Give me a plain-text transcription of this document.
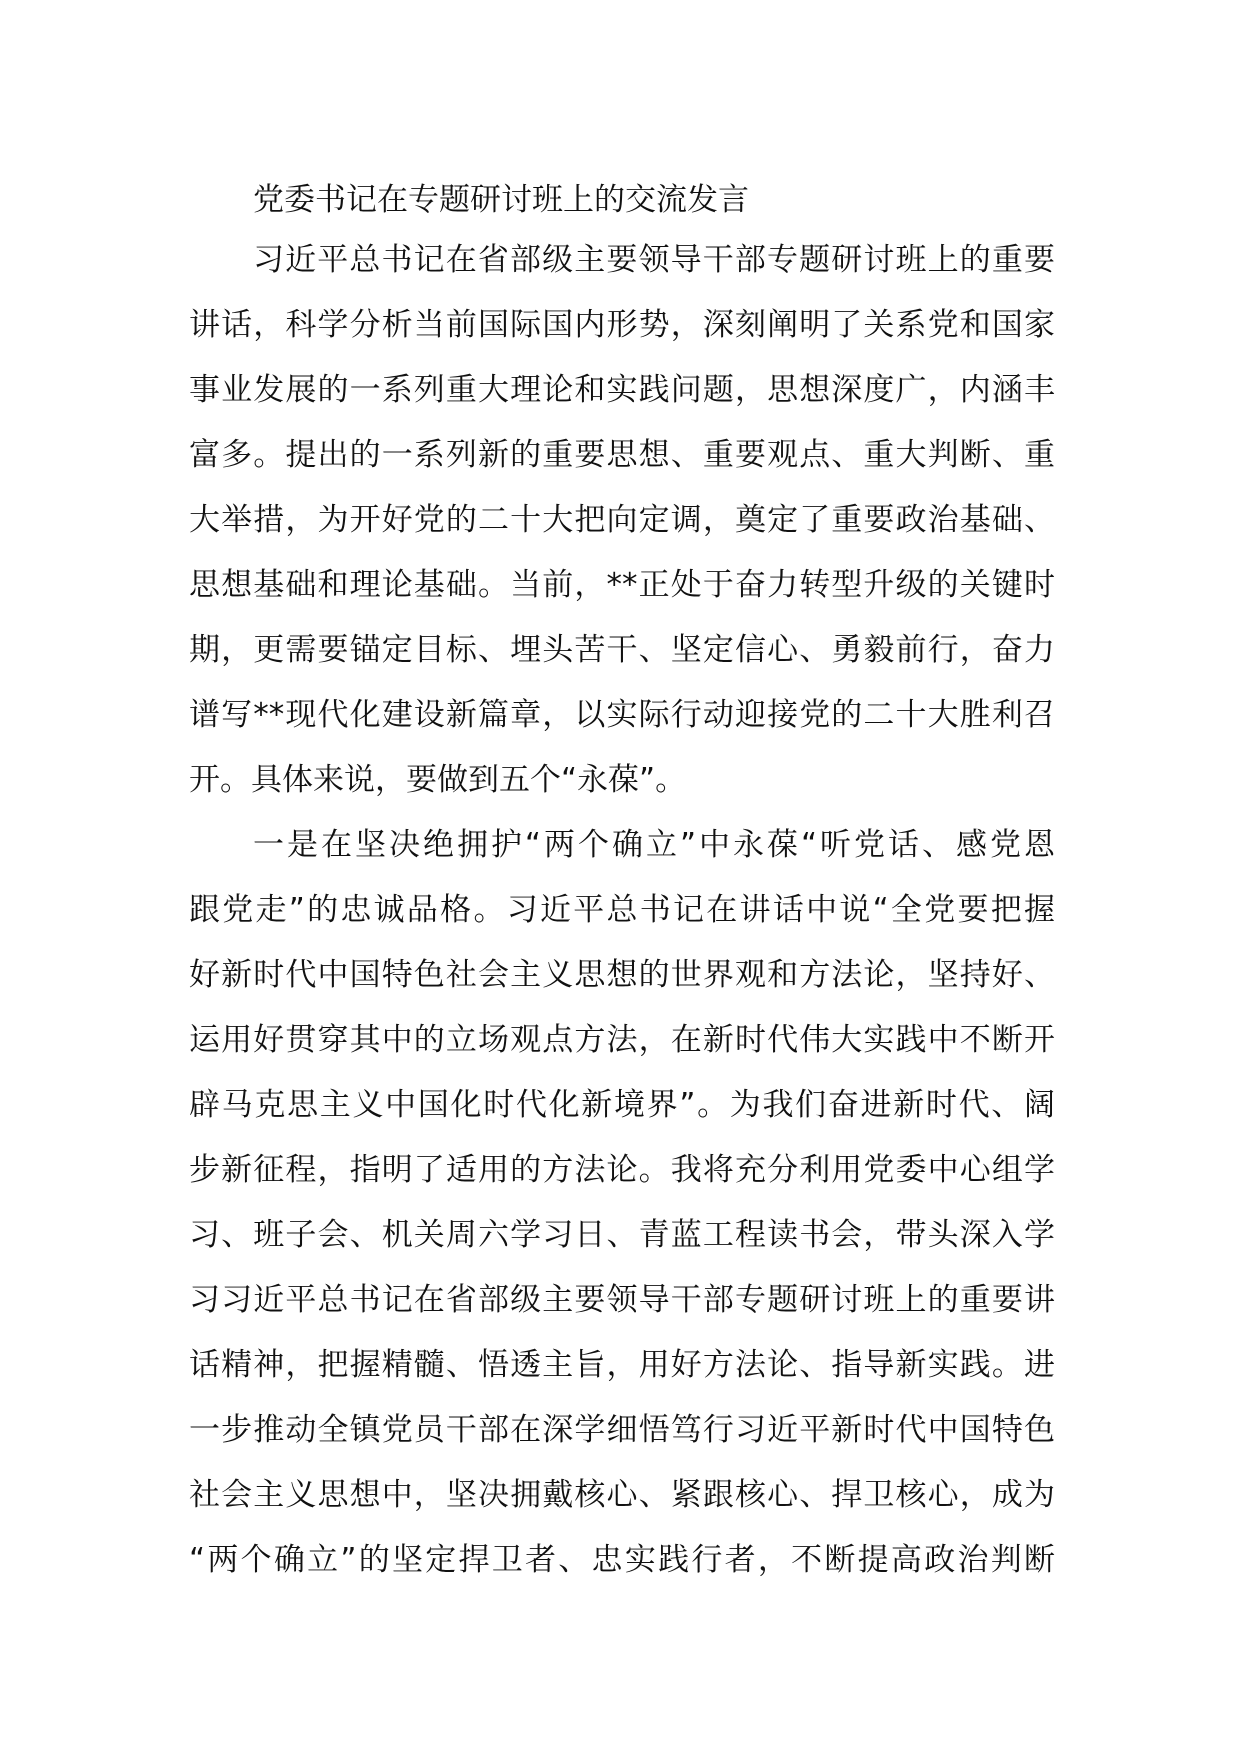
党委书记在专题研讨班上的交流发言

习近平总书记在省部级主要领导干部专题研讨班上的重要
讲话，科学分析当前国际国内形势，深刻阐明了关系党和国家
事业发展的一系列重大理论和实践问题，思想深度广，内涵丰
富多。提出的一系列新的重要思想、重要观点、重大判断、重
大举措，为开好党的二十大把向定调，奠定了重要政治基础、
思想基础和理论基础。当前，**正处于奋力转型升级的关键时
期，更需要锚定目标、埋头苦干、坚定信心、勇毅前行，奋力
谱写**现代化建设新篇章，以实际行动迎接党的二十大胜利召
开。具体来说，要做到五个“永葆”。

一是在坚决绝拥护“两个确立”中永葆“听党话、感党恩
跟党走”的忠诚品格。习近平总书记在讲话中说“全党要把握
好新时代中国特色社会主义思想的世界观和方法论，坚持好、
运用好贯穿其中的立场观点方法，在新时代伟大实践中不断开
辟马克思主义中国化时代化新境界”。为我们奋进新时代、阔
步新征程，指明了适用的方法论。我将充分利用党委中心组学
习、班子会、机关周六学习日、青蓝工程读书会，带头深入学
习习近平总书记在省部级主要领导干部专题研讨班上的重要讲
话精神，把握精髓、悟透主旨，用好方法论、指导新实践。进
一步推动全镇党员干部在深学细悟笃行习近平新时代中国特色
社会主义思想中，坚决拥戴核心、紧跟核心、捍卫核心，成为
“两个确立”的坚定捍卫者、忠实践行者，不断提高政治判断
